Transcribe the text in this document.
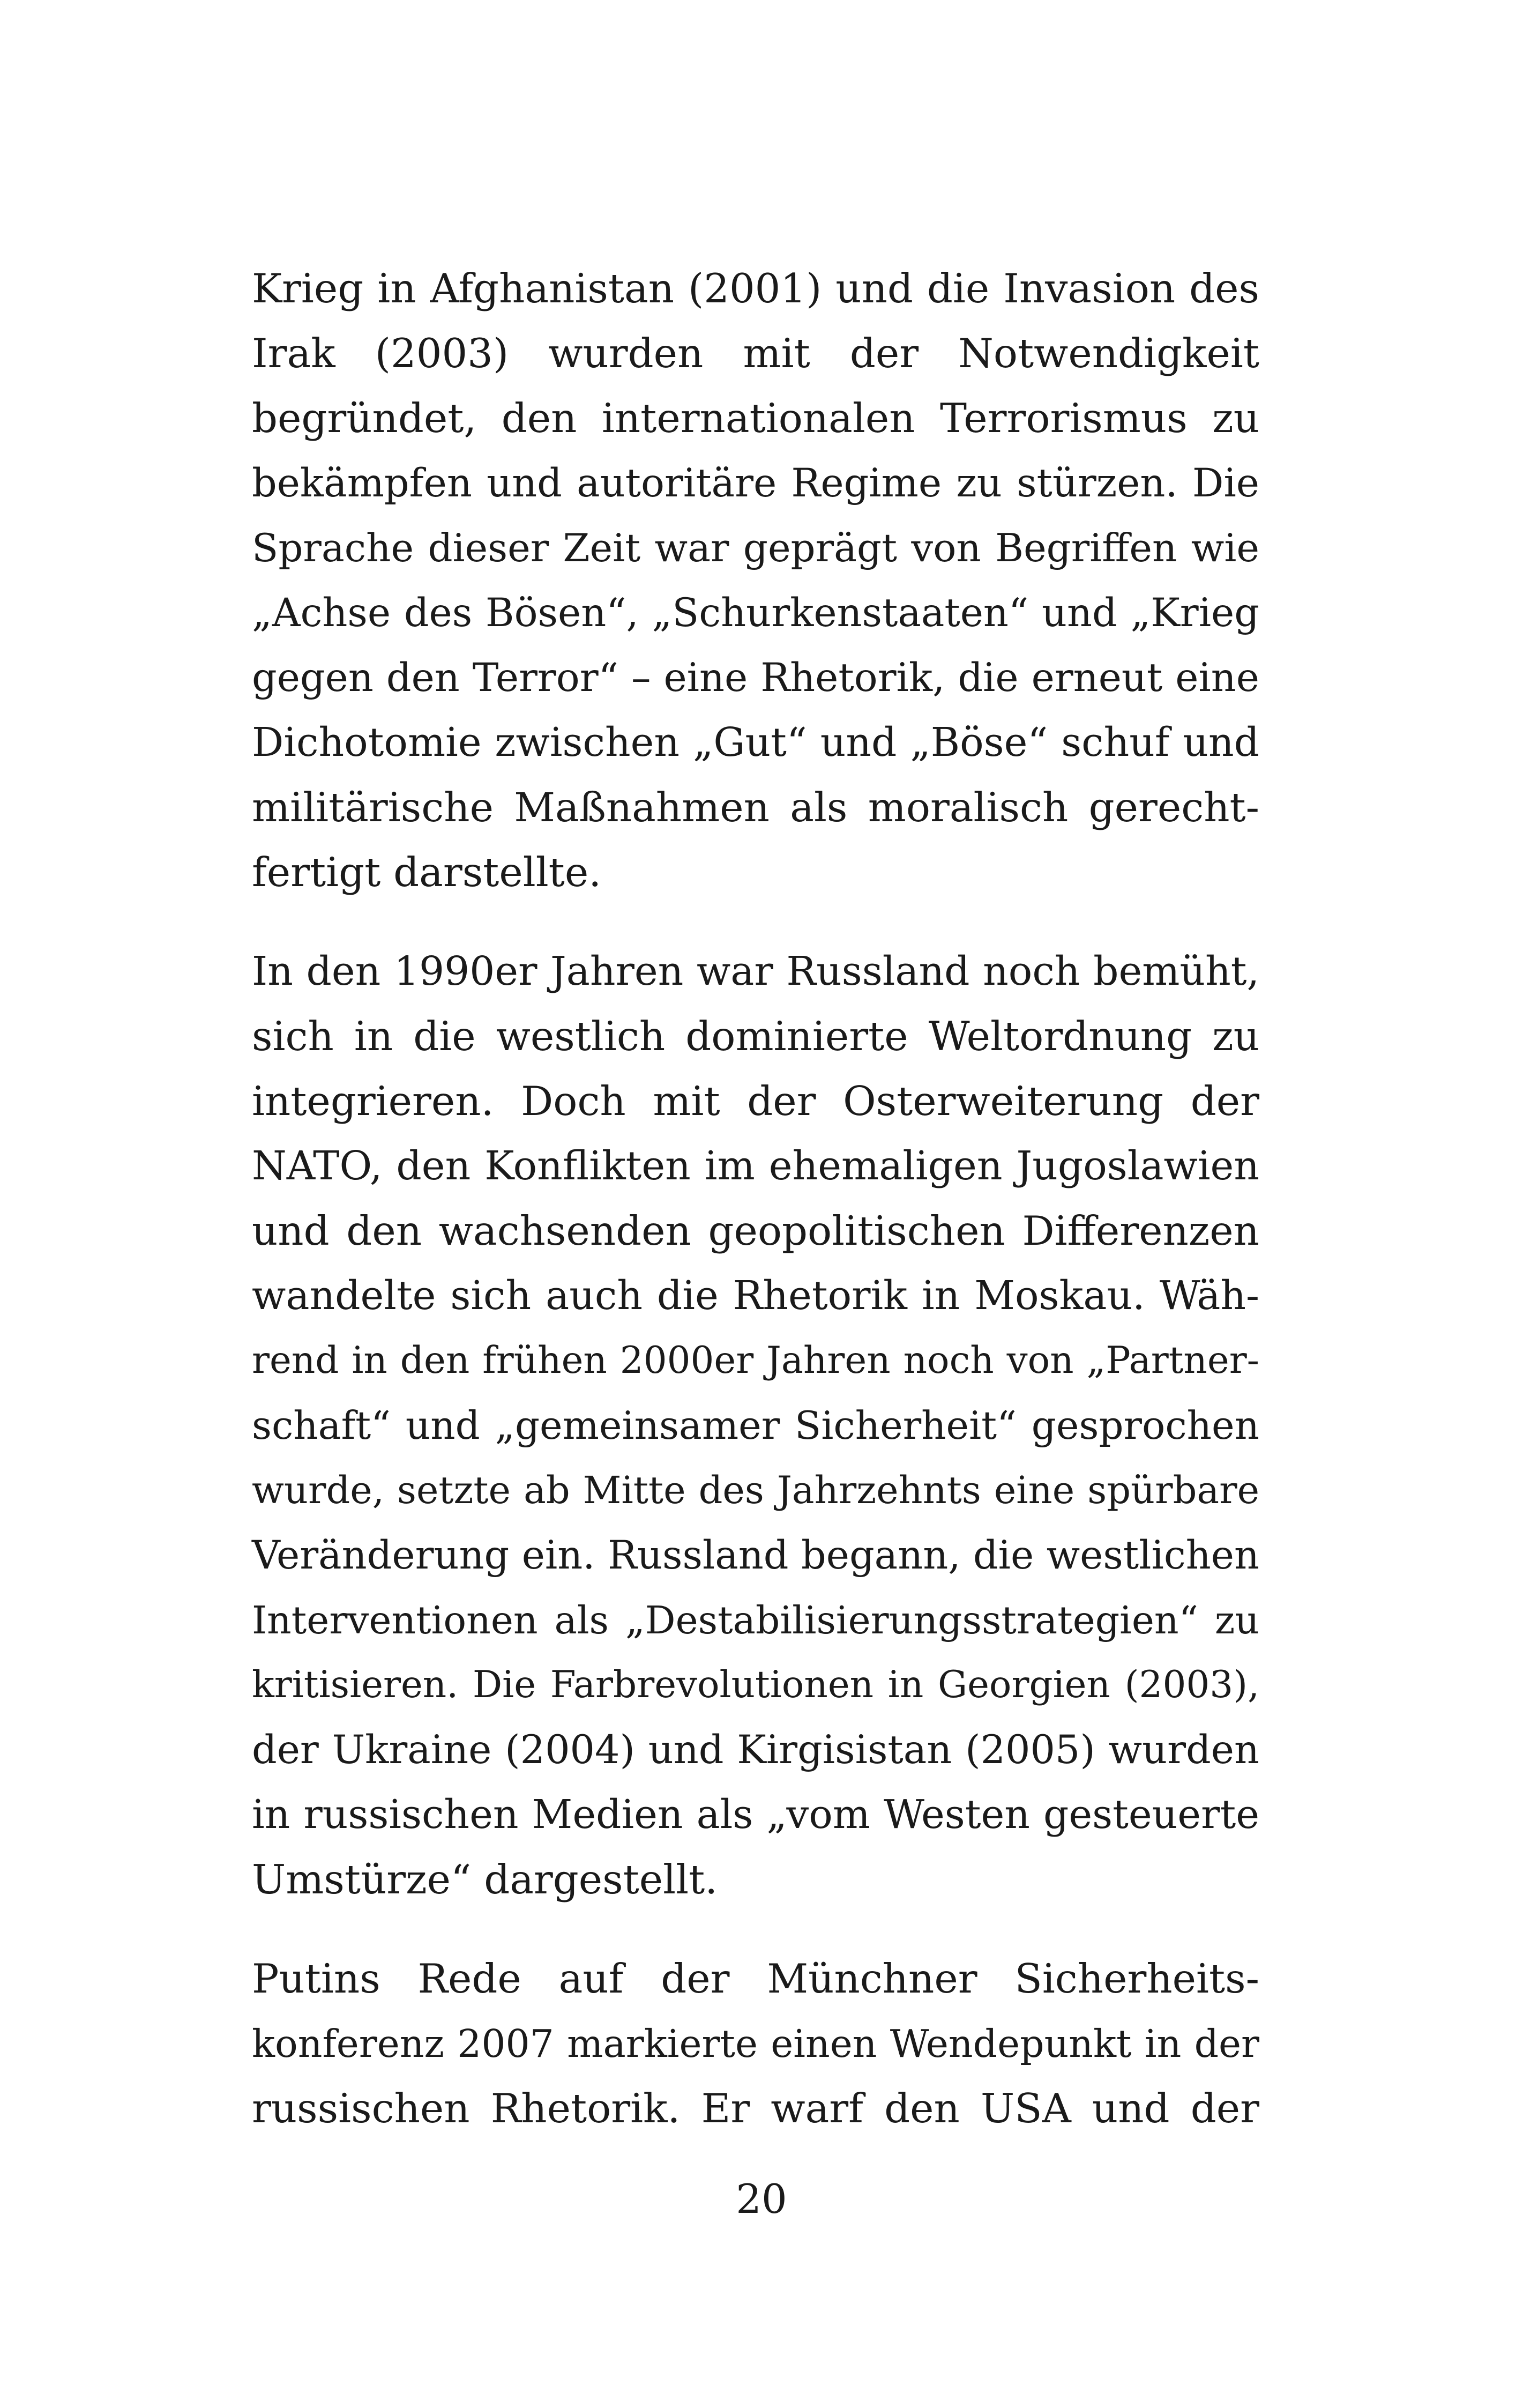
Krieg in Afghanistan (2001) und die Invasion des
Irak (2003) wurden mit der Notwendigkeit
begründet, den internationalen Terrorismus zu
bekämpfen und autoritäre Regime zu stürzen. Die
Sprache dieser Zeit war geprägt von Begriffen wie
„Achse des Bösen“, „Schurkenstaaten“ und „Krieg
gegen den Terror“ – eine Rhetorik, die erneut eine
Dichotomie zwischen „Gut“ und „Böse“ schuf und
militärische Maßnahmen als moralisch gerecht-
fertigt darstellte.

In den 1990er Jahren war Russland noch bemüht,
sich in die westlich dominierte Weltordnung zu
integrieren. Doch mit der Osterweiterung der
NATO, den Konflikten im ehemaligen Jugoslawien
und den wachsenden geopolitischen Differenzen
wandelte sich auch die Rhetorik in Moskau. Wäh-
rend in den frühen 2000er Jahren noch von „Partner-
schaft“ und „gemeinsamer Sicherheit“ gesprochen
wurde, setzte ab Mitte des Jahrzehnts eine spürbare
Veränderung ein. Russland begann, die westlichen
Interventionen als „Destabilisierungsstrategien“ zu
kritisieren. Die Farbrevolutionen in Georgien (2003),
der Ukraine (2004) und Kirgisistan (2005) wurden
in russischen Medien als „vom Westen gesteuerte
Umstürze“ dargestellt.

Putins Rede auf der Münchner Sicherheits-
konferenz 2007 markierte einen Wendepunkt in der
russischen Rhetorik. Er warf den USA und der

20
